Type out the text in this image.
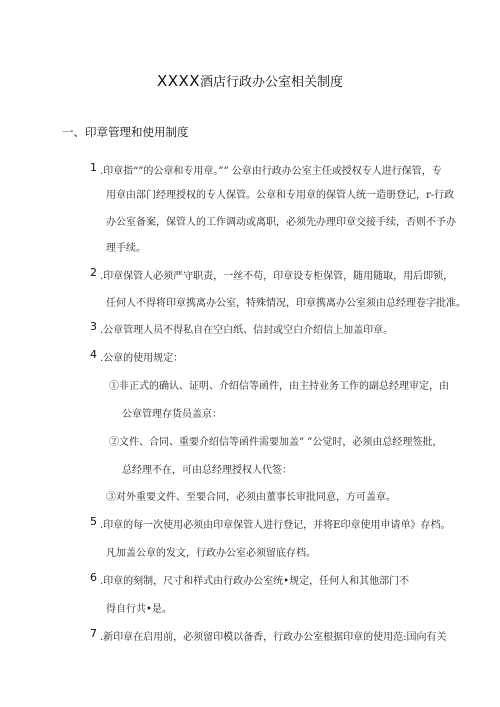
XXXX酒店行政办公室相关制度
一、印章管理和使用制度
1 .印章指“”的公章和专用章。”” 公章由行政办公室主任或授权专人进行保管，专
用章由部门经理授权的专人保管。公章和专用章的保管人统一造册登记，r-行政
办公室备案，保管人的工作调动或离职，必须先办理印章交接手续，否则不予办
理手续。
2 .印章保管人必须严守职责，一丝不苟，印章设专柜保管，随用随取，用后即锁，
任何人不得将印章携离办公室，特殊情况，印章携离办公室须由总经理卷字批准。
3 .公章管理人员不得私自在空白纸、信封或空白介绍信上加盖印章。
4 .公章的使用规定：
①非正式的确认、证明、介绍信等函件，由主持业务工作的副总经理审定，由
公章管理存货员盖京：
②文件、合同、重要介绍信等函件需要加盖” ”公觉时，必须由总经理签批，
总经理不在，可由总经理授权人代签：
③对外重要文件、至要合同，必须由董事长审批同意，方可盖章。
5 .印章的每一次使用必须由印章保管人进行登记，并将E印章使用申请单》存档。
凡加盖公章的发文，行政办公室必须留底存档。
6 .印章的刻制，尺寸和样式由行政办公室统•规定，任何人和其他部门不
得自行共•是。
7 .新印章在启用前，必须留印模以备香，行政办公室根据印章的使用范:国向有关
